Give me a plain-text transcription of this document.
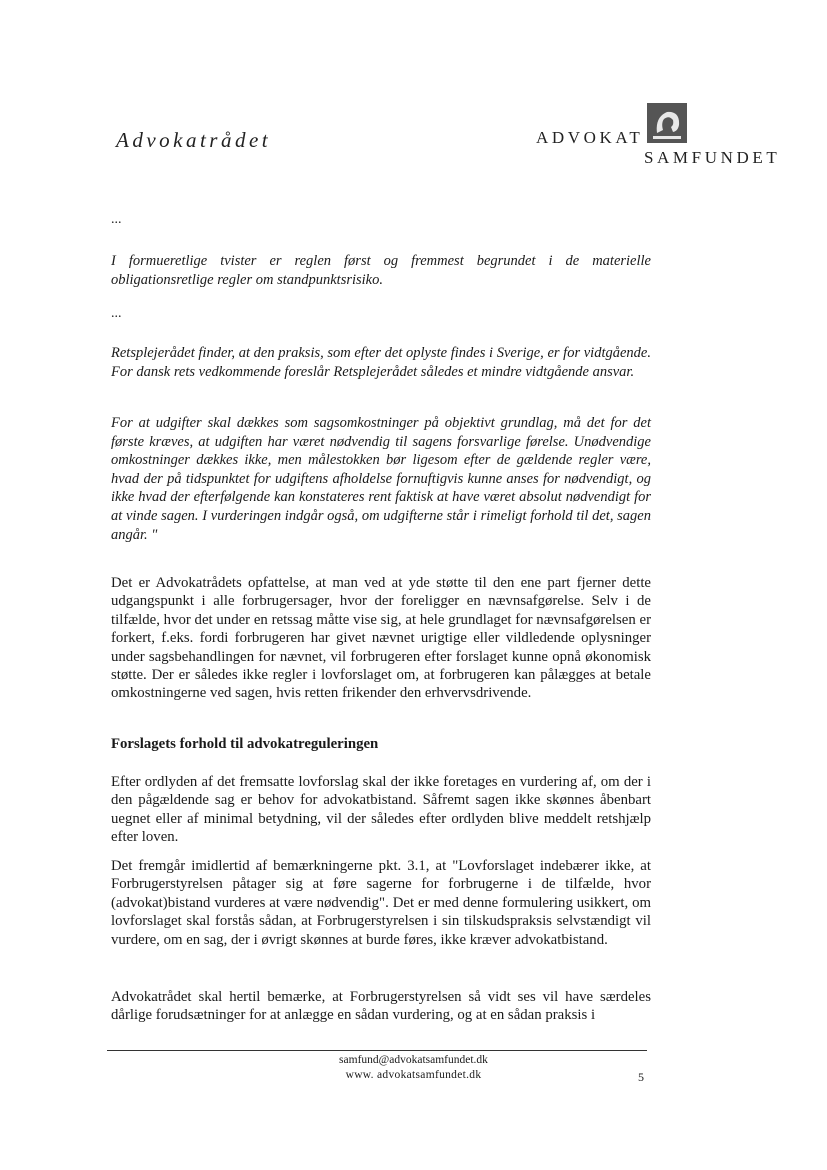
Advokatrådet	ADVOKAT
SAMFUNDET

...

I formueretlige tvister er reglen først og fremmest begrundet i de materielle obligationsretlige regler om standpunktsrisiko.

...

Retsplejerådet finder, at den praksis, som efter det oplyste findes i Sverige, er for vidtgående. For dansk rets vedkommende foreslår Retsplejerådet således et mindre vidtgående ansvar.

For at udgifter skal dækkes som sagsomkostninger på objektivt grundlag, må det for det første kræves, at udgiften har været nødvendig til sagens forsvarlige førelse. Unødvendige omkostninger dækkes ikke, men målestokken bør ligesom efter de gældende regler være, hvad der på tidspunktet for udgiftens afholdelse fornuftigvis kunne anses for nødvendigt, og ikke hvad der efterfølgende kan konstateres rent faktisk at have været absolut nødvendigt for at vinde sagen. I vurderingen indgår også, om udgifterne står i rimeligt forhold til det, sagen angår. "

Det er Advokatrådets opfattelse, at man ved at yde støtte til den ene part fjerner dette udgangspunkt i alle forbrugersager, hvor der foreligger en nævnsafgørelse. Selv i de tilfælde, hvor det under en retssag måtte vise sig, at hele grundlaget for nævnsafgørelsen er forkert, f.eks. fordi forbrugeren har givet nævnet urigtige eller vildledende oplysninger under sagsbehandlingen for nævnet, vil forbrugeren efter forslaget kunne opnå økonomisk støtte. Der er således ikke regler i lovforslaget om, at forbrugeren kan pålægges at betale omkostningerne ved sagen, hvis retten frikender den erhvervsdrivende.

Forslagets forhold til advokatreguleringen

Efter ordlyden af det fremsatte lovforslag skal der ikke foretages en vurdering af, om der i den pågældende sag er behov for advokatbistand. Såfremt sagen ikke skønnes åbenbart uegnet eller af minimal betydning, vil der således efter ordlyden blive meddelt retshjælp efter loven.

Det fremgår imidlertid af bemærkningerne pkt. 3.1, at "Lovforslaget indebærer ikke, at Forbrugerstyrelsen påtager sig at føre sagerne for forbrugerne i de tilfælde, hvor (advokat)bistand vurderes at være nødvendig". Det er med denne formulering usikkert, om lovforslaget skal forstås sådan, at Forbrugerstyrelsen i sin tilskudspraksis selvstændigt vil vurdere, om en sag, der i øvrigt skønnes at burde føres, ikke kræver advokatbistand.

Advokatrådet skal hertil bemærke, at Forbrugerstyrelsen så vidt ses vil have særdeles dårlige forudsætninger for at anlægge en sådan vurdering, og at en sådan praksis i

samfund@advokatsamfundet.dk
www. advokatsamfundet.dk	5
